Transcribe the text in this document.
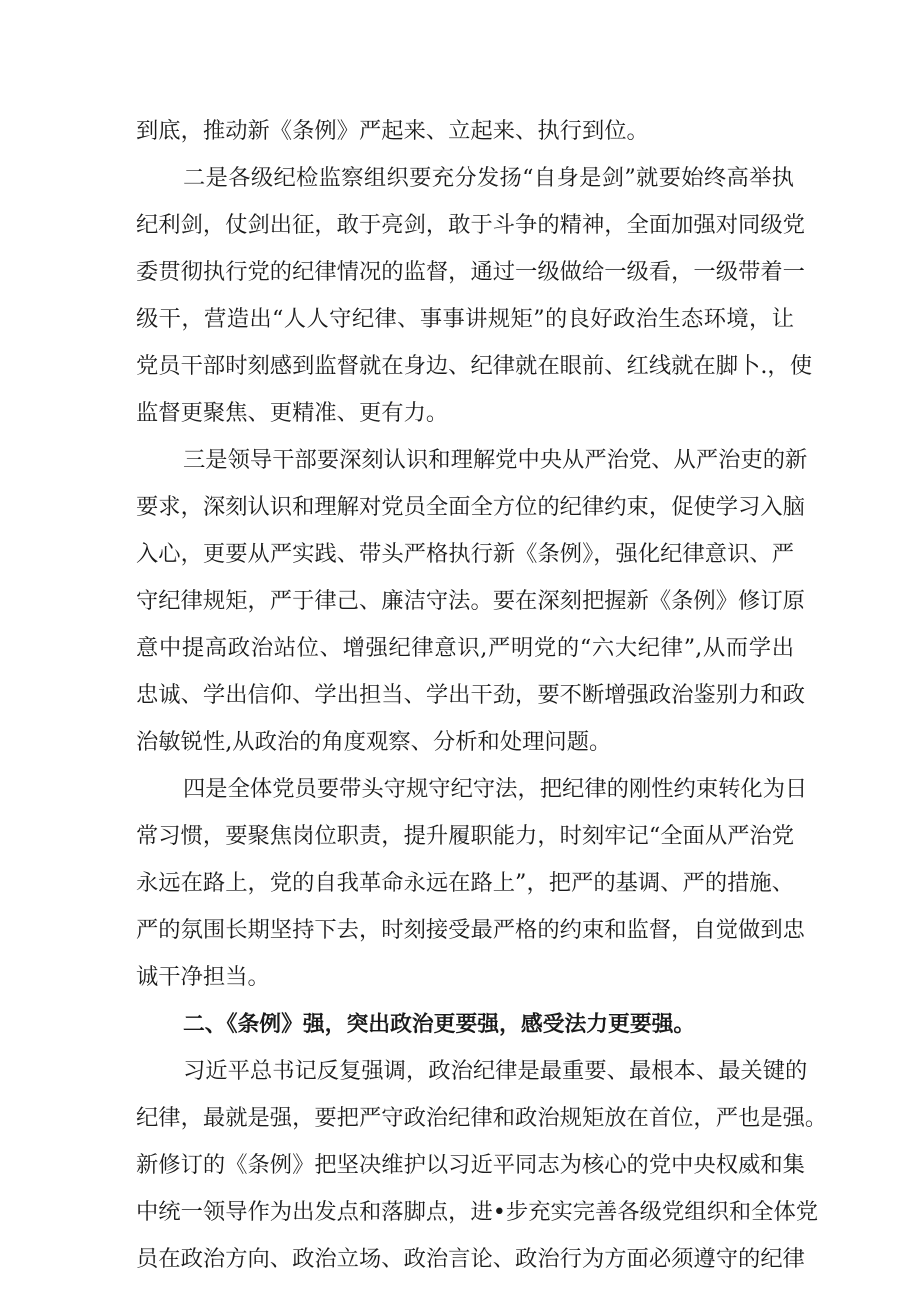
到底，推动新《条例》严起来、立起来、执行到位。
二是各级纪检监察组织要充分发扬“自身是剑”就要始终高举执
纪利剑，仗剑出征，敢于亮剑，敢于斗争的精神，全面加强对同级党
委贯彻执行党的纪律情况的监督，通过一级做给一级看，一级带着一
级干，营造出“人人守纪律、事事讲规矩”的良好政治生态环境，让
党员干部时刻感到监督就在身边、纪律就在眼前、红线就在脚卜.，使
监督更聚焦、更精准、更有力。
三是领导干部要深刻认识和理解党中央从严治党、从严治吏的新
要求，深刻认识和理解对党员全面全方位的纪律约束，促使学习入脑
入心，更要从严实践、带头严格执行新《条例》，强化纪律意识、严
守纪律规矩，严于律己、廉洁守法。要在深刻把握新《条例》修订原
意中提高政治站位、增强纪律意识,严明党的“六大纪律”,从而学出
忠诚、学出信仰、学出担当、学出干劲，要不断增强政治鉴别力和政
治敏锐性,从政治的角度观察、分析和处理问题。
四是全体党员要带头守规守纪守法，把纪律的刚性约束转化为日
常习惯，要聚焦岗位职责，提升履职能力，时刻牢记“全面从严治党
永远在路上，党的自我革命永远在路上”，把严的基调、严的措施、
严的氛围长期坚持下去，时刻接受最严格的约束和监督，自觉做到忠
诚干净担当。
二、《条例》强，突出政治更要强，感受法力更要强。
习近平总书记反复强调，政治纪律是最重要、最根本、最关键的
纪律，最就是强，要把严守政治纪律和政治规矩放在首位，严也是强。
新修订的《条例》把坚决维护以习近平同志为核心的党中央权威和集
中统一领导作为出发点和落脚点，进•步充实完善各级党组织和全体党
员在政治方向、政治立场、政治言论、政治行为方面必须遵守的纪律
